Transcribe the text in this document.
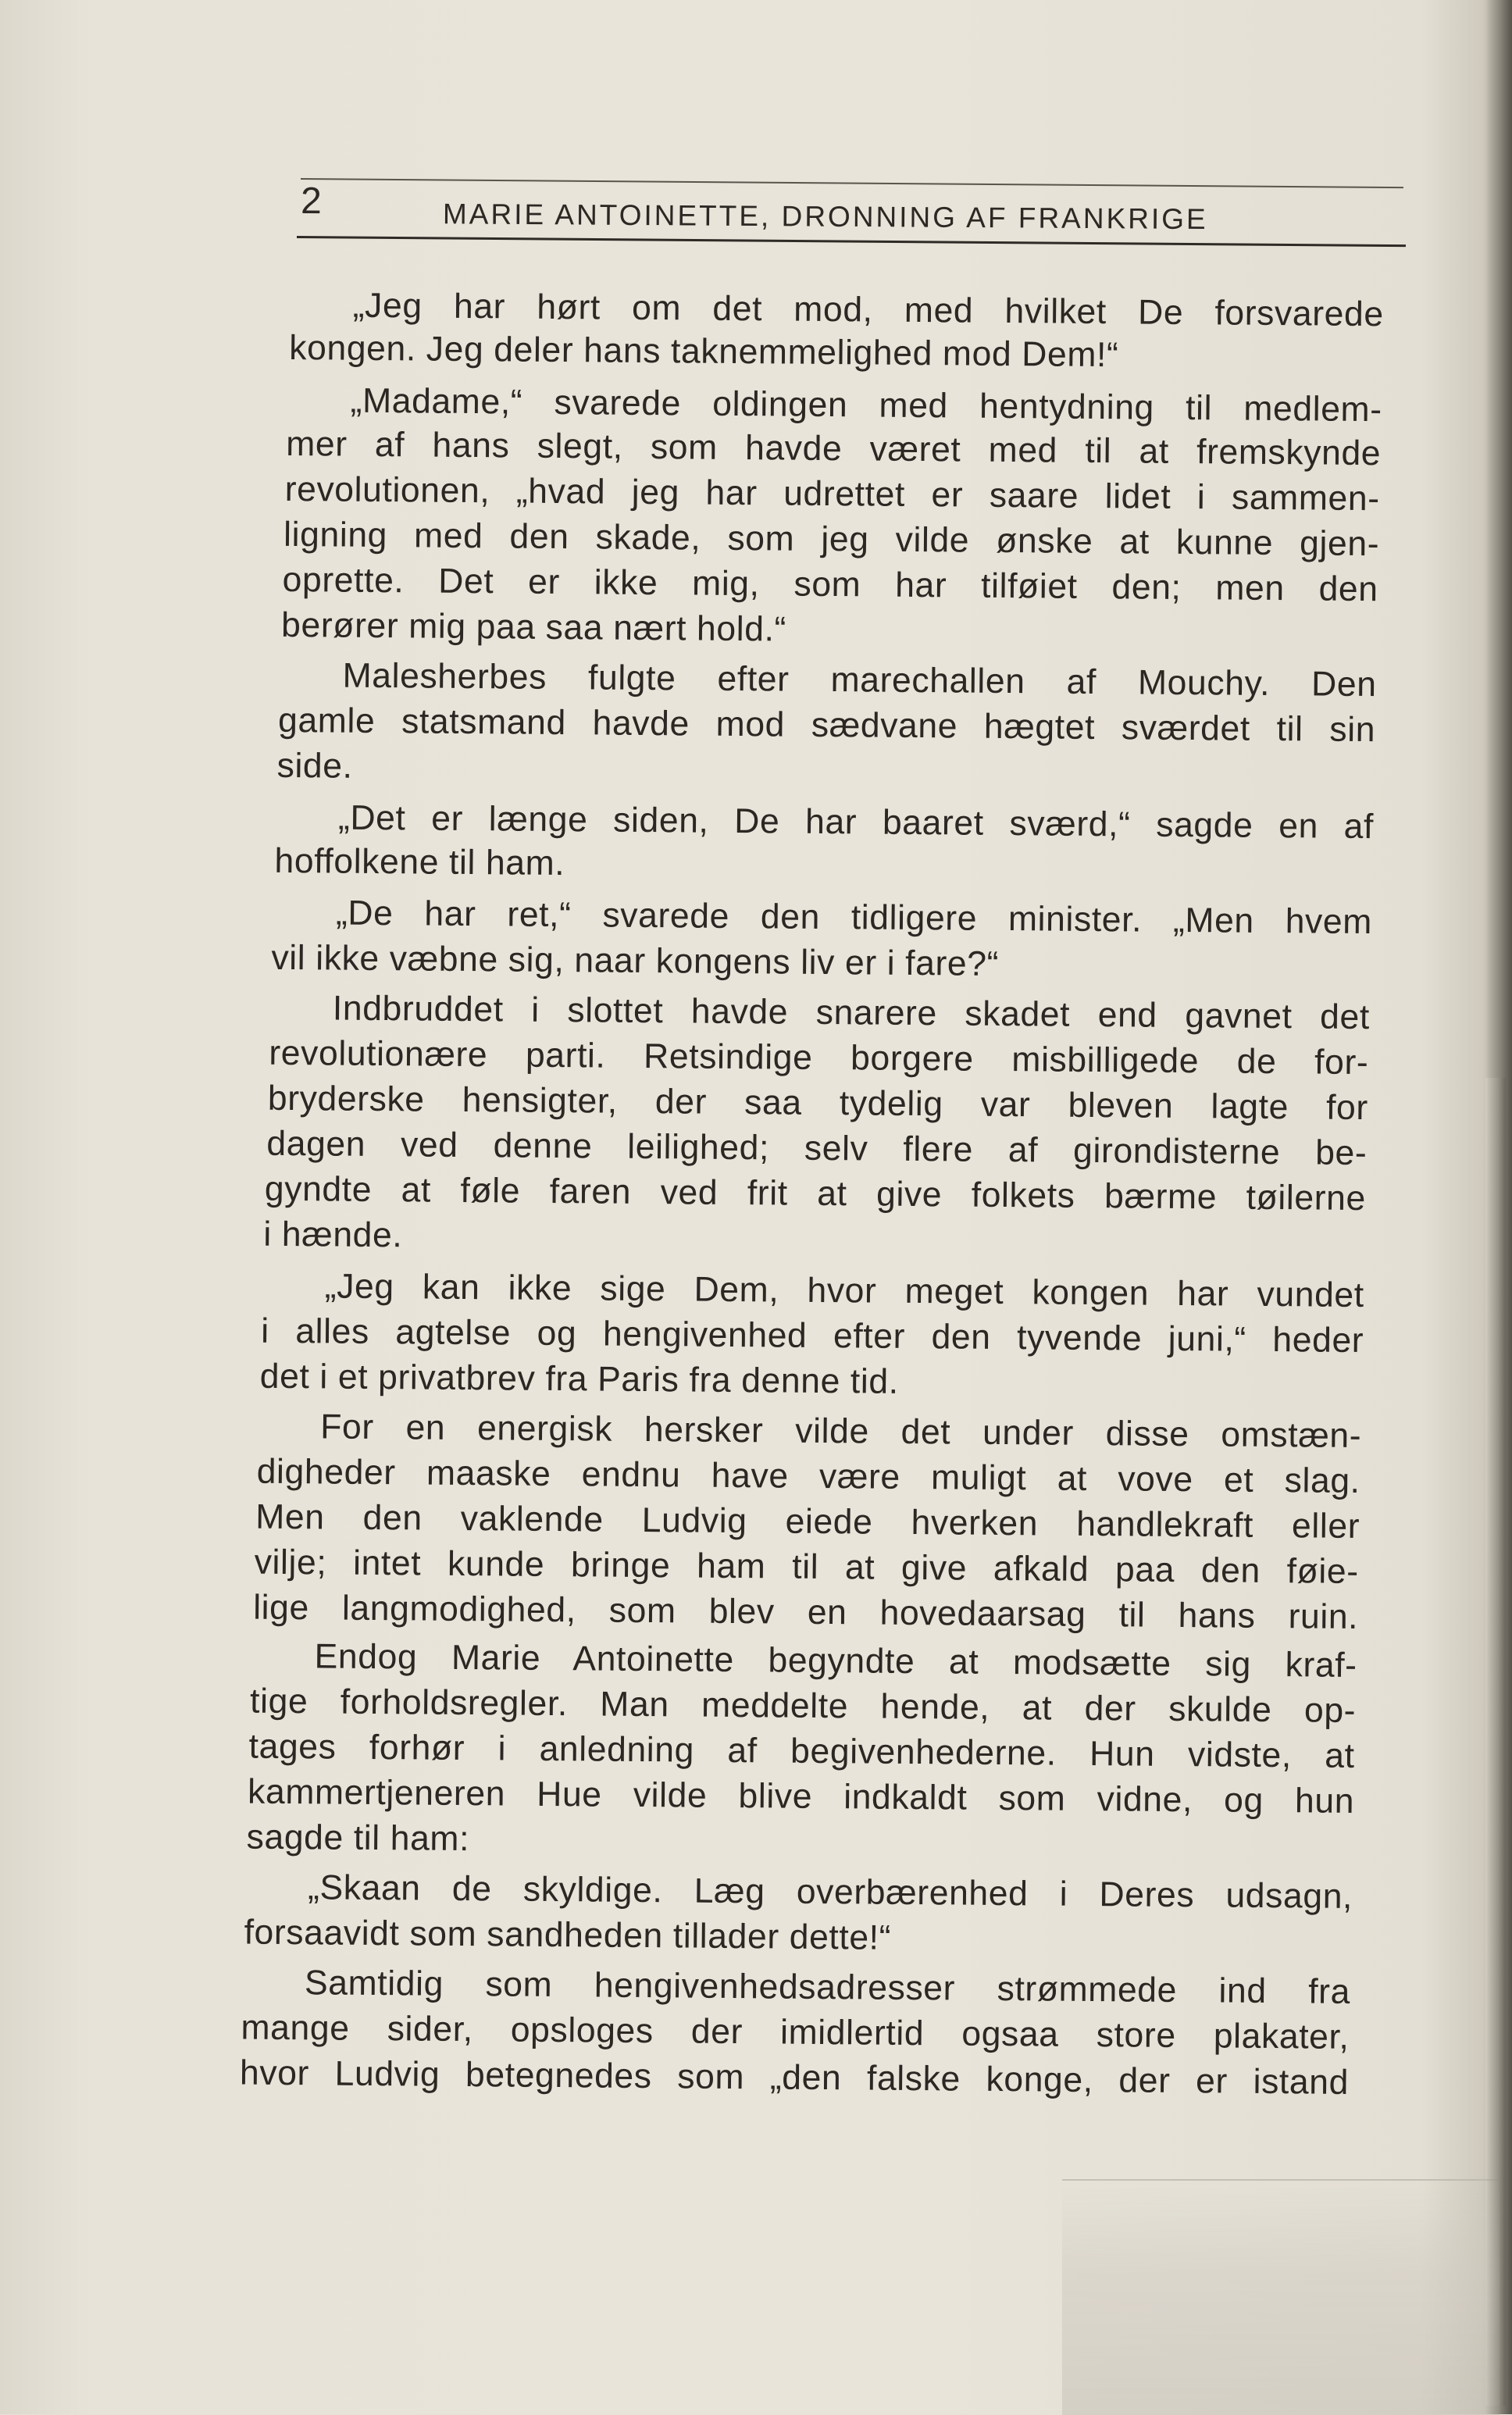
2	MARIE ANTOINETTE, DRONNING AF FRANKRIGE
„Jeg har hørt om det mod, med hvilket De forsvarede
kongen. Jeg deler hans taknemmelighed mod Dem!“
„Madame,“ svarede oldingen med hentydning til medlem-
mer af hans slegt, som havde været med til at fremskynde
revolutionen, „hvad jeg har udrettet er saare lidet i sammen-
ligning med den skade, som jeg vilde ønske at kunne gjen-
oprette. Det er ikke mig, som har tilføiet den; men den
berører mig paa saa nært hold.“
Malesherbes fulgte efter marechallen af Mouchy. Den
gamle statsmand havde mod sædvane hægtet sværdet til sin
side.
„Det er længe siden, De har baaret sværd,“ sagde en af
hoffolkene til ham.
„De har ret,“ svarede den tidligere minister. „Men hvem
vil ikke væbne sig, naar kongens liv er i fare?“
Indbruddet i slottet havde snarere skadet end gavnet det
revolutionære parti. Retsindige borgere misbilligede de for-
bryderske hensigter, der saa tydelig var bleven lagte for
dagen ved denne leilighed; selv flere af girondisterne be-
gyndte at føle faren ved frit at give folkets bærme tøilerne
i hænde.
„Jeg kan ikke sige Dem, hvor meget kongen har vundet
i alles agtelse og hengivenhed efter den tyvende juni,“ heder
det i et privatbrev fra Paris fra denne tid.
For en energisk hersker vilde det under disse omstæn-
digheder maaske endnu have være muligt at vove et slag.
Men den vaklende Ludvig eiede hverken handlekraft eller
vilje; intet kunde bringe ham til at give afkald paa den føie-
lige langmodighed, som blev en hovedaarsag til hans ruin.
Endog Marie Antoinette begyndte at modsætte sig kraf-
tige forholdsregler. Man meddelte hende, at der skulde op-
tages forhør i anledning af begivenhederne. Hun vidste, at
kammertjeneren Hue vilde blive indkaldt som vidne, og hun
sagde til ham:
„Skaan de skyldige. Læg overbærenhed i Deres udsagn,
forsaavidt som sandheden tillader dette!“
Samtidig som hengivenhedsadresser strømmede ind fra
mange sider, opsloges der imidlertid ogsaa store plakater,
hvor Ludvig betegnedes som „den falske konge, der er istand
